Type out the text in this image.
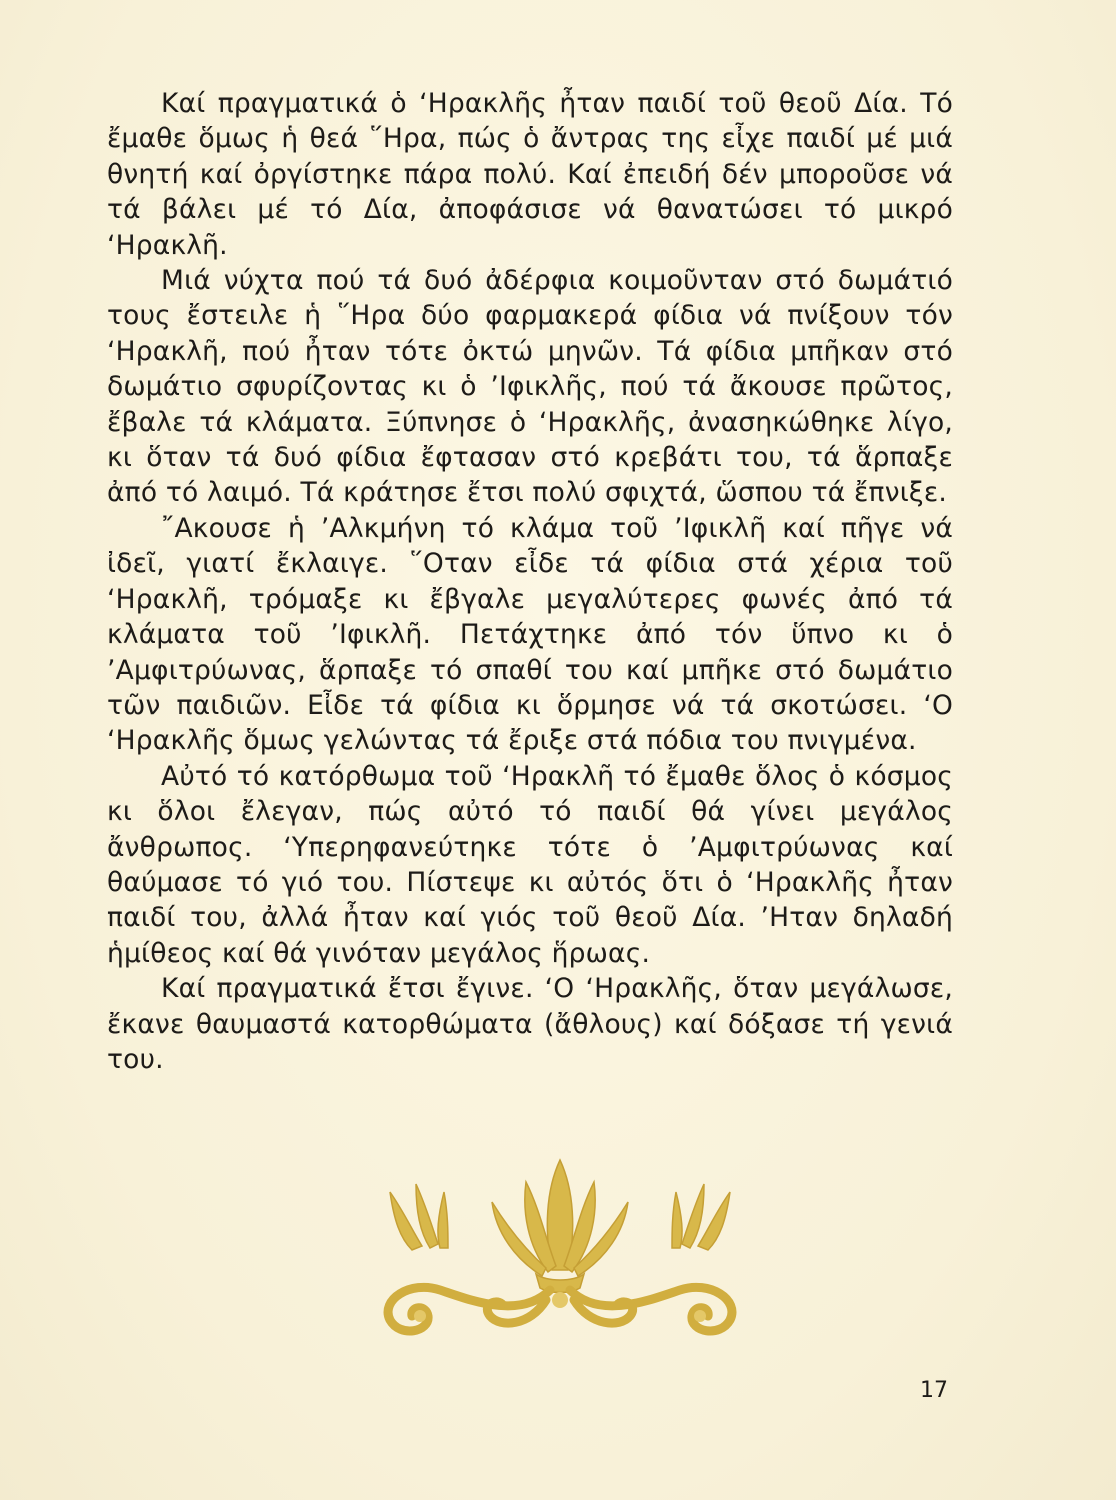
Καί πραγματικά ὁ ʻΗρακλῆς ἦταν παιδί τοῦ θεοῦ Δία. Τό ἔμαθε ὅμως ἡ θεά ῞Ηρα, πώς ὁ ἄντρας της εἶχε παιδί μέ μιά θνητή καί ὀργίστηκε πάρα πολύ. Καί ἐπειδή δέν μποροῦσε νά τά βάλει μέ τό Δία, ἀποφάσισε νά θανατώσει τό μικρό ʻΗρακλῆ.

Μιά νύχτα πού τά δυό ἀδέρφια κοιμοῦνταν στό δωμάτιό τους ἔστειλε ἡ ῞Ηρα δύο φαρμακερά φίδια νά πνίξουν τόν ʻΗρακλῆ, πού ἦταν τότε ὀκτώ μηνῶν. Τά φίδια μπῆκαν στό δωμάτιο σφυρίζοντας κι ὁ ʼΙφικλῆς, πού τά ἄκουσε πρῶτος, ἔβαλε τά κλάματα. Ξύπνησε ὁ ʻΗρακλῆς, ἀνασηκώθηκε λίγο, κι ὅταν τά δυό φίδια ἔφτασαν στό κρεβάτι του, τά ἅρπαξε ἀπό τό λαιμό. Τά κράτησε ἔτσι πολύ σφιχτά, ὥσπου τά ἔπνιξε.

῎Ακουσε ἡ ʼΑλκμήνη τό κλάμα τοῦ ʼΙφικλῆ καί πῆγε νά ἰδεῖ, γιατί ἔκλαιγε. ῞Οταν εἶδε τά φίδια στά χέρια τοῦ ʻΗρακλῆ, τρόμαξε κι ἔβγαλε μεγαλύτερες φωνές ἀπό τά κλάματα τοῦ ʼΙφικλῆ. Πετάχτηκε ἀπό τόν ὕπνο κι ὁ ʼΑμφιτρύωνας, ἅρπαξε τό σπαθί του καί μπῆκε στό δωμάτιο τῶν παιδιῶν. Εἶδε τά φίδια κι ὅρμησε νά τά σκοτώσει. ʻΟ ʻΗρακλῆς ὅμως γελώντας τά ἔριξε στά πόδια του πνιγμένα.

Αὐτό τό κατόρθωμα τοῦ ʻΗρακλῆ τό ἔμαθε ὅλος ὁ κόσμος κι ὅλοι ἔλεγαν, πώς αὐτό τό παιδί θά γίνει μεγάλος ἄνθρωπος. ʻΥπερηφανεύτηκε τότε ὁ ʼΑμφιτρύωνας καί θαύμασε τό γιό του. Πίστεψε κι αὐτός ὅτι ὁ ʻΗρακλῆς ἦταν παιδί του, ἀλλά ἦταν καί γιός τοῦ θεοῦ Δία. ʼΗταν δηλαδή ἡμίθεος καί θά γινόταν μεγάλος ἥρωας.

Καί πραγματικά ἔτσι ἔγινε. ʻΟ ʻΗρακλῆς, ὅταν μεγάλωσε, ἔκανε θαυμαστά κατορθώματα (ἄθλους) καί δόξασε τή γενιά του.

17
